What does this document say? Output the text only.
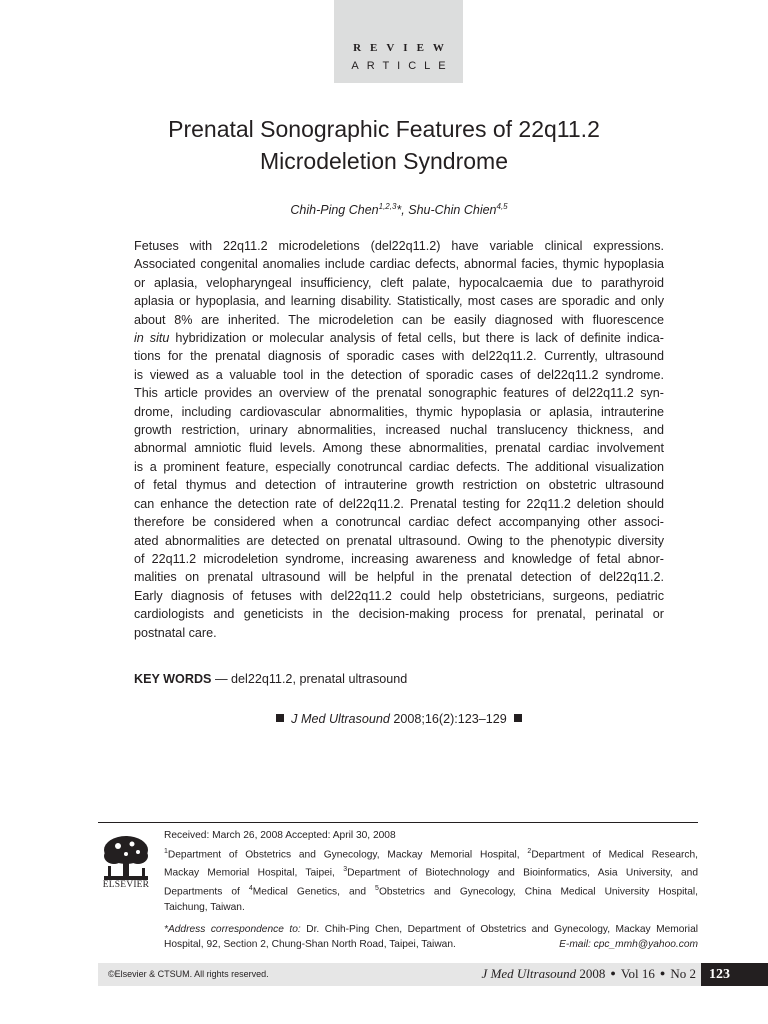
REVIEW
ARTICLE
Prenatal Sonographic Features of 22q11.2
Microdeletion Syndrome
Chih-Ping Chen$^{1,2,3}$*, Shu-Chin Chien$^{4,5}$
Fetuses with 22q11.2 microdeletions (del22q11.2) have variable clinical expressions.
Associated congenital anomalies include cardiac defects, abnormal facies, thymic hypoplasia
or aplasia, velopharyngeal insufficiency, cleft palate, hypocalcaemia due to parathyroid
aplasia or hypoplasia, and learning disability. Statistically, most cases are sporadic and only
about 8% are inherited. The microdeletion can be easily diagnosed with fluorescence
in situ hybridization or molecular analysis of fetal cells, but there is lack of definite indica-
tions for the prenatal diagnosis of sporadic cases with del22q11.2. Currently, ultrasound
is viewed as a valuable tool in the detection of sporadic cases of del22q11.2 syndrome.
This article provides an overview of the prenatal sonographic features of del22q11.2 syn-
drome, including cardiovascular abnormalities, thymic hypoplasia or aplasia, intrauterine
growth restriction, urinary abnormalities, increased nuchal translucency thickness, and
abnormal amniotic fluid levels. Among these abnormalities, prenatal cardiac involvement
is a prominent feature, especially conotruncal cardiac defects. The additional visualization
of fetal thymus and detection of intrauterine growth restriction on obstetric ultrasound
can enhance the detection rate of del22q11.2. Prenatal testing for 22q11.2 deletion should
therefore be considered when a conotruncal cardiac defect accompanying other associ-
ated abnormalities are detected on prenatal ultrasound. Owing to the phenotypic diversity
of 22q11.2 microdeletion syndrome, increasing awareness and knowledge of fetal abnor-
malities on prenatal ultrasound will be helpful in the prenatal detection of del22q11.2.
Early diagnosis of fetuses with del22q11.2 could help obstetricians, surgeons, pediatric
cardiologists and geneticists in the decision-making process for prenatal, perinatal or
postnatal care.
KEY WORDS — del22q11.2, prenatal ultrasound
J Med Ultrasound 2008;16(2):123–129
ELSEVIER
Received: March 26, 2008 Accepted: April 30, 2008
$^1$Department of Obstetrics and Gynecology, Mackay Memorial Hospital, $^2$Department of Medical Research,
Mackay Memorial Hospital, Taipei, $^3$Department of Biotechnology and Bioinformatics, Asia University, and
Departments of $^4$Medical Genetics, and $^5$Obstetrics and Gynecology, China Medical University Hospital,
Taichung, Taiwan.
*Address correspondence to: Dr. Chih-Ping Chen, Department of Obstetrics and Gynecology, Mackay Memorial
Hospital, 92, Section 2, Chung-Shan North Road, Taipei, Taiwan.	E-mail: cpc_mmh@yahoo.com
©Elsevier & CTSUM. All rights reserved.	J Med Ultrasound 2008 ● Vol 16 ● No 2 123
